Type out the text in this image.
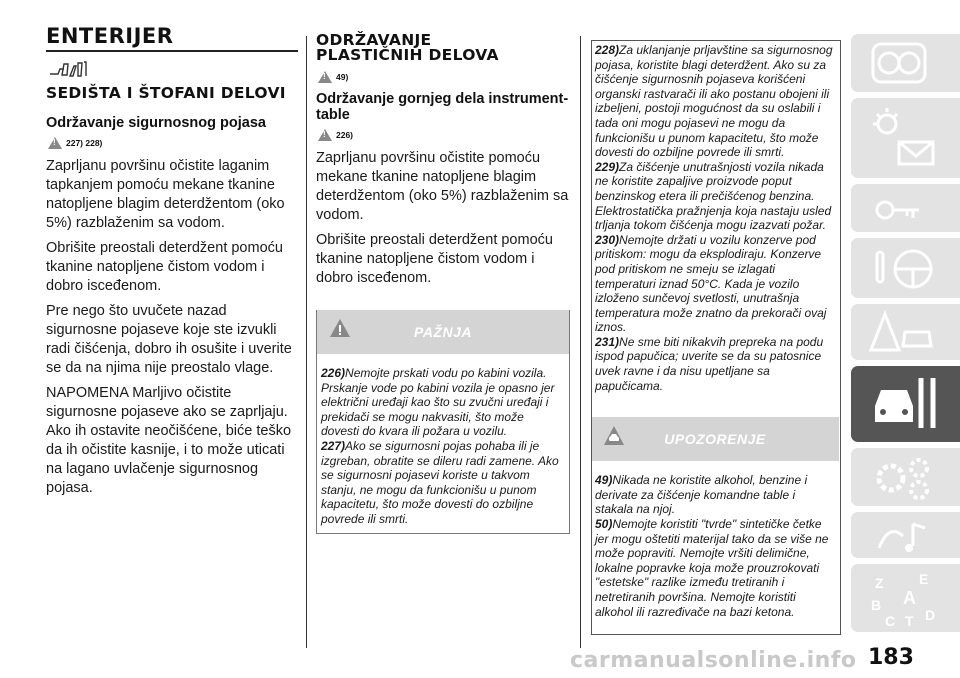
ENTERIJER
SEDIŠTA I ŠTOFANI DELOVI
Održavanje sigurnosnog pojasa
!
227) 228)

Zaprljanu površinu očistite laganim tapkanjem pomoću mekane tkanine natopljene blagim deterdžentom (oko 5%) razblaženim sa vodom.

Obrišite preostali deterdžent pomoću tkanine natopljene čistom vodom i dobro isceđenom.

Pre nego što uvučete nazad sigurnosne pojaseve koje ste izvukli radi čišćenja, dobro ih osušite i uverite se da na njima nije preostalo vlage.

NAPOMENA Marljivo očistite sigurnosne pojaseve ako se zaprljaju. Ako ih ostavite neočišćene, biće teško da ih očistite kasnije, i to može uticati na lagano uvlačenje sigurnosnog pojasa.

ODRŽAVANJE PLASTIČNIH DELOVA
!
49)
Održavanje gornjeg dela instrument-table
!
226)

Zaprljanu površinu očistite pomoću mekane tkanine natopljene blagim deterdžentom (oko 5%) razblaženim sa vodom.

Obrišite preostali deterdžent pomoću tkanine natopljene čistom vodom i dobro isceđenom.

PAŽNJA

226)Nemojte prskati vodu po kabini vozila. Prskanje vode po kabini vozila je opasno jer električni uređaji kao što su zvučni uređaji i prekidači se mogu nakvasiti, što može dovesti do kvara ili požara u vozilu.

227)Ako se sigurnosni pojas pohaba ili je izgreban, obratite se dileru radi zamene. Ako se sigurnosni pojasevi koriste u takvom stanju, ne mogu da funkcionišu u punom kapacitetu, što može dovesti do ozbiljne povrede ili smrti.

228)Za uklanjanje prljavštine sa sigurnosnog pojasa, koristite blagi deterdžent. Ako su za čišćenje sigurnosnih pojaseva korišćeni organski rastvarači ili ako postanu obojeni ili izbeljeni, postoji mogućnost da su oslabili i tada oni mogu pojasevi ne mogu da funkcionišu u punom kapacitetu, što može dovesti do ozbiljne povrede ili smrti.

229)Za čišćenje unutrašnjosti vozila nikada ne koristite zapaljive proizvode poput benzinskog etera ili prečišćenog benzina. Elektrostatička pražnjenja koja nastaju usled trljanja tokom čišćenja mogu izazvati požar.

230)Nemojte držati u vozilu konzerve pod pritiskom: mogu da eksplodiraju. Konzerve pod pritiskom ne smeju se izlagati temperaturi iznad 50°C. Kada je vozilo izloženo sunčevoj svetlosti, unutrašnja temperatura može znatno da prekorači ovaj iznos.

231)Ne sme biti nikakvih prepreka na podu ispod papučica; uverite se da su patosnice uvek ravne i da nisu upetljane sa papučicama.

UPOZORENJE

49)Nikada ne koristite alkohol, benzine i derivate za čišćenje komandne table i stakala na njoj.

50)Nemojte koristiti "tvrde" sintetičke četke jer mogu oštetiti materijal tako da se više ne može popraviti. Nemojte vršiti delimične, lokalne popravke koja može prouzrokovati "estetske" razlike između tretiranih i netretiranih površina. Nemojte koristiti alkohol ili razređivače na bazi ketona.

Z	E
B A
C T D
183
carmanualsonline.info
